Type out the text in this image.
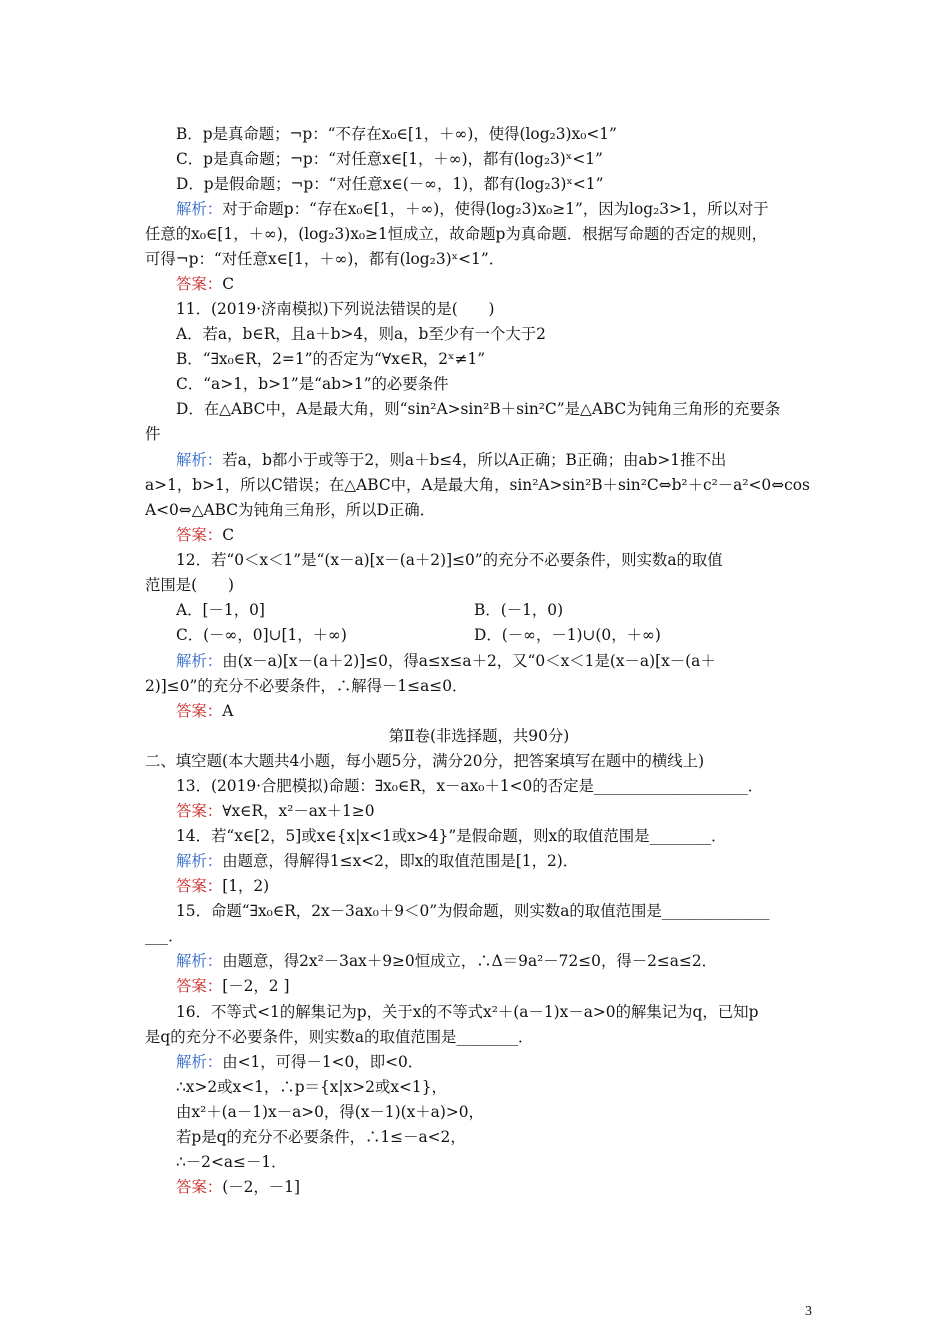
B．p是真命题；¬p：“不存在x₀∈[1，＋∞)，使得(log₂3)x₀<1”
C．p是真命题；¬p：“对任意x∈[1，＋∞)，都有(log₂3)ˣ<1”
D．p是假命题；¬p：“对任意x∈(－∞，1)，都有(log₂3)ˣ<1”
解析：对于命题p：“存在x₀∈[1，＋∞)，使得(log₂3)x₀≥1”，因为log₂3>1，所以对于
任意的x₀∈[1，＋∞)，(log₂3)x₀≥1恒成立，故命题p为真命题．根据写命题的否定的规则，
可得¬p：“对任意x∈[1，＋∞)，都有(log₂3)ˣ<1”．
答案：C
11．(2019·济南模拟)下列说法错误的是(　　)
A．若a，b∈R，且a＋b>4，则a，b至少有一个大于2
B．“∃x₀∈R，2=1”的否定为“∀x∈R，2ˣ≠1”
C．“a>1，b>1”是“ab>1”的必要条件
D．在△ABC中，A是最大角，则“sin²A>sin²B＋sin²C”是△ABC为钝角三角形的充要条
件
解析：若a，b都小于或等于2，则a＋b≤4，所以A正确；B正确；由ab>1推不出
a>1，b>1，所以C错误；在△ABC中，A是最大角，sin²A>sin²B＋sin²C⇔b²＋c²－a²<0⇔cos
A<0⇔△ABC为钝角三角形，所以D正确．
答案：C
12．若“0＜x＜1”是“(x－a)[x－(a＋2)]≤0”的充分不必要条件，则实数a的取值
范围是(　　)
A．[－1，0]	B．(－1，0)
C．(－∞，0]∪[1，＋∞)	D．(－∞，－1)∪(0，＋∞)
解析：由(x－a)[x－(a＋2)]≤0，得a≤x≤a＋2，又“0＜x＜1是(x－a)[x－(a＋
2)]≤0”的充分不必要条件，∴解得－1≤a≤0．
答案：A
第Ⅱ卷(非选择题，共90分)
二、填空题(本大题共4小题，每小题5分，满分20分，把答案填写在题中的横线上)
13．(2019·合肥模拟)命题：∃x₀∈R，x－ax₀＋1<0的否定是____________________．
答案：∀x∈R，x²－ax＋1≥0
14．若“x∈[2，5]或x∈{x|x<1或x>4}”是假命题，则x的取值范围是________．
解析：由题意，得解得1≤x<2，即x的取值范围是[1，2)．
答案：[1，2)
15．命题“∃x₀∈R，2x－3ax₀＋9＜0”为假命题，则实数a的取值范围是______________
___．
解析：由题意，得2x²－3ax＋9≥0恒成立，∴Δ＝9a²－72≤0，得－2≤a≤2．
答案：[－2，2 ]
16．不等式<1的解集记为p，关于x的不等式x²＋(a－1)x－a>0的解集记为q，已知p
是q的充分不必要条件，则实数a的取值范围是________．
解析：由<1，可得－1<0，即<0．
∴x>2或x<1，∴p＝{x|x>2或x<1}，
由x²＋(a－1)x－a>0，得(x－1)(x＋a)>0，
若p是q的充分不必要条件，∴1≤－a<2，
∴－2<a≤－1．
答案：(－2，－1]
3
